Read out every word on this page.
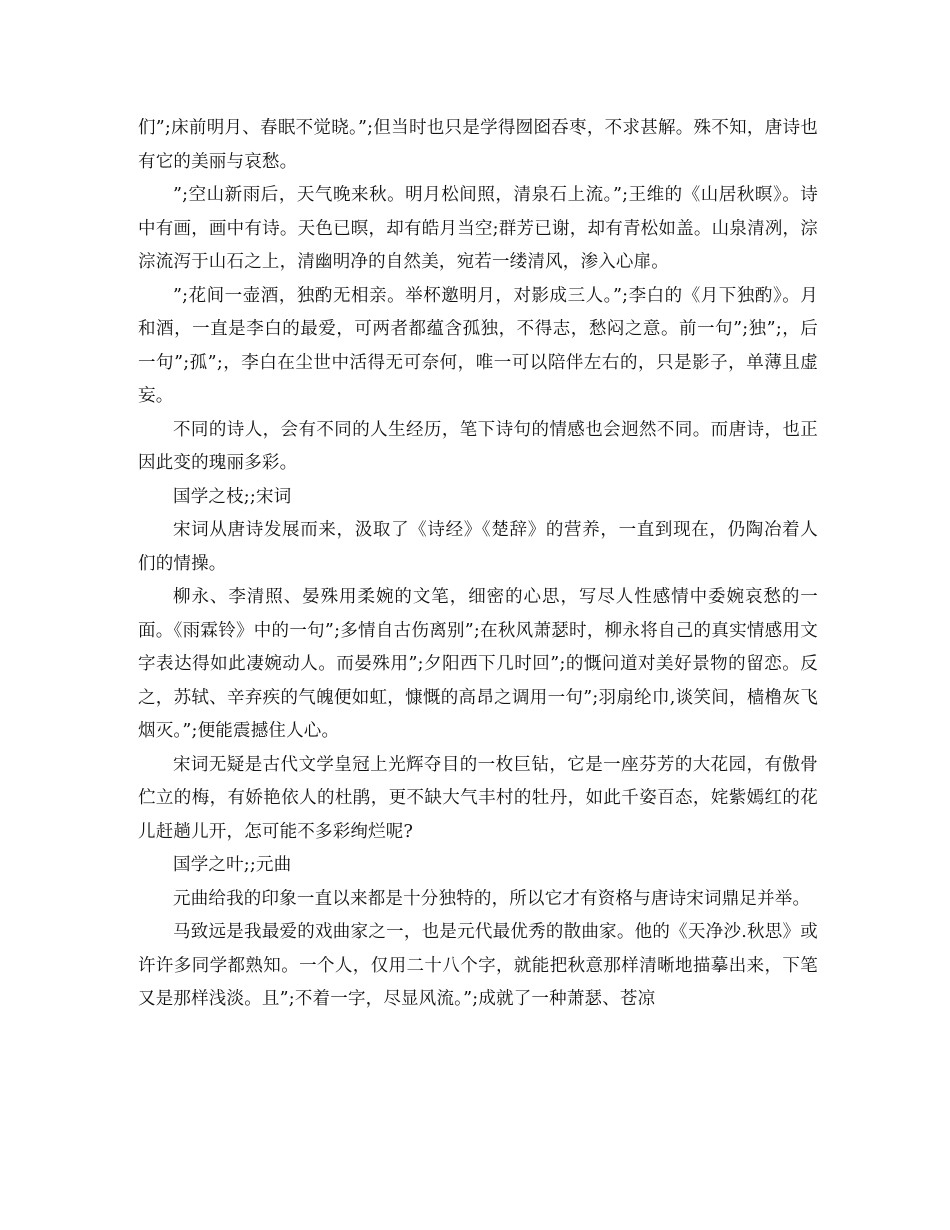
们”;床前明月、春眠不觉晓。”;但当时也只是学得囫囵吞枣，不求甚解。殊不知，唐诗也有它的美丽与哀愁。

”;空山新雨后，天气晚来秋。明月松间照，清泉石上流。”;王维的《山居秋暝》。诗中有画，画中有诗。天色已暝，却有皓月当空;群芳已谢，却有青松如盖。山泉清冽，淙淙流泻于山石之上，清幽明净的自然美，宛若一缕清风，渗入心扉。

”;花间一壶酒，独酌无相亲。举杯邀明月，对影成三人。”;李白的《月下独酌》。月和酒，一直是李白的最爱，可两者都蕴含孤独，不得志，愁闷之意。前一句”;独”;，后一句”;孤”;，李白在尘世中活得无可奈何，唯一可以陪伴左右的，只是影子，单薄且虚妄。

不同的诗人，会有不同的人生经历，笔下诗句的情感也会迥然不同。而唐诗，也正因此变的瑰丽多彩。

国学之枝;;宋词

宋词从唐诗发展而来，汲取了《诗经》《楚辞》的营养，一直到现在，仍陶冶着人们的情操。

柳永、李清照、晏殊用柔婉的文笔，细密的心思，写尽人性感情中委婉哀愁的一面。《雨霖铃》中的一句”;多情自古伤离别”;在秋风萧瑟时，柳永将自己的真实情感用文字表达得如此凄婉动人。而晏殊用”;夕阳西下几时回”;的慨问道对美好景物的留恋。反之，苏轼、辛弃疾的气魄便如虹，慷慨的高昂之调用一句”;羽扇纶巾,谈笑间，樯橹灰飞烟灭。”;便能震撼住人心。

宋词无疑是古代文学皇冠上光辉夺目的一枚巨钻，它是一座芬芳的大花园，有傲骨伫立的梅，有娇艳依人的杜鹃，更不缺大气丰村的牡丹，如此千姿百态，姹紫嫣红的花儿赶趟儿开，怎可能不多彩绚烂呢?

国学之叶;;元曲

元曲给我的印象一直以来都是十分独特的，所以它才有资格与唐诗宋词鼎足并举。

马致远是我最爱的戏曲家之一，也是元代最优秀的散曲家。他的《天净沙.秋思》或许许多同学都熟知。一个人，仅用二十八个字，就能把秋意那样清晰地描摹出来，下笔又是那样浅淡。且”;不着一字，尽显风流。”;成就了一种萧瑟、苍凉
